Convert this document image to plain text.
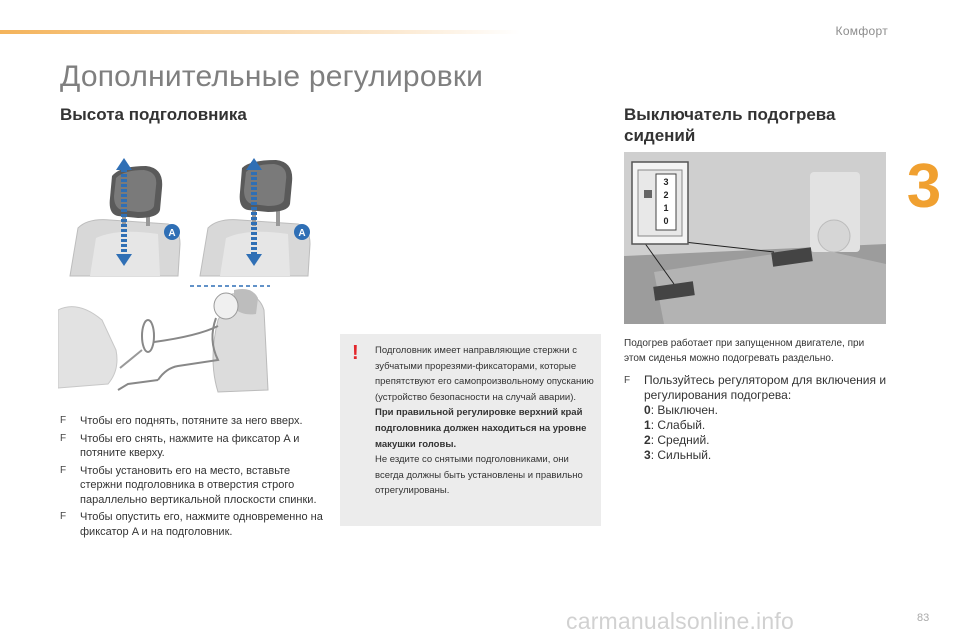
Комфорт
3
Дополнительные регулировки
Высота подголовника	Выключатель подогрева сидений
A	A
F Чтобы его поднять, потяните за него вверх.
F Чтобы его снять, нажмите на фиксатор A и потяните кверху.
F Чтобы установить его на место, вставьте стержни подголовника в отверстия строго параллельно вертикальной плоскости спинки.
F Чтобы опустить его, нажмите одновременно на фиксатор A и на подголовник.
!	Подголовник имеет направляющие стержни с зубчатыми прорезями-фиксаторами, которые препятствуют его самопроизвольному опусканию (устройство безопасности на случай аварии).
При правильной регулировке верхний край подголовника должен находиться на уровне макушки головы.
Не ездите со снятыми подголовниками, они всегда должны быть установлены и правильно отрегулированы.
3
2
1
0
Подогрев работает при запущенном двигателе, при этом сиденья можно подогревать раздельно.
F Пользуйтесь регулятором для включения и регулирования подогрева:
0: Выключен.
1: Слабый.
2: Средний.
3: Сильный.
carmanualsonline.info	83
